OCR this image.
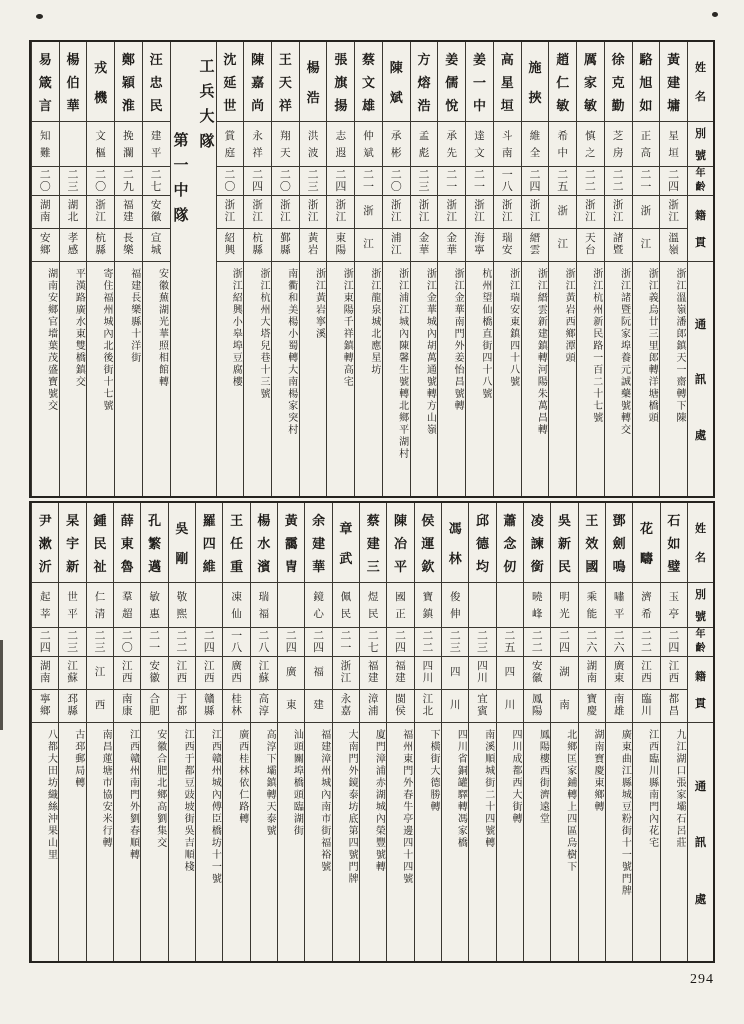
姓
名
別
號
年
齡
籍
貫
通
訊
處
黃
建
墉
星
垣
二
四
浙
江
溫
嶺
浙江溫嶺潘郎鎮天一齋轉下陳
駱
旭
如
正
高
二
一
浙
江
浙江義烏廿三里郎轉洋塘橋頭
徐
克
勤
芝
房
二
二
浙
江
諸
暨
浙江諸暨阮家埠養元誠藥號轉交
厲
家
敏
慎
之
二
二
浙
江
天
台
浙江杭州新民路一百二十七號
趙
仁
敏
希
中
二
五
浙
江
浙江黃岩西鄉潭頭
施
挾
維
全
二
四
浙
江
縉
雲
浙江縉雲新建鎮轉河陽朱萬昌轉
高
星
垣
斗
南
一
八
浙
江
瑞
安
浙江瑞安東鎮四十八號
姜
一
中
達
文
二
一
浙
江
海
寧
杭州望仙橋直街四十八號
姜
儒
悅
承
先
二
一
浙
江
金
華
浙江金華南門外姜怡昌號轉
方
熔
浩
孟
彪
二
三
浙
江
金
華
浙江金華城內胡萬通號轉方山嶺
陳
斌
承
彬
二
〇
浙
江
浦
江
浙江浦江城內陳馨生號轉北鄉平湖村
蔡
文
雄
仲
斌
二
一
浙
江
浙江龍泉城北應星坊
張
旗
揚
志
遐
二
四
浙
江
東
陽
浙江東陽千祥鎮轉高宅
楊
浩
洪
波
二
三
浙
江
黃
岩
浙江黃岩寧溪
王
天
祥
翔
天
二
〇
浙
江
鄞
縣
南衢和美楊小蜀轉大南楊家突村
陳
嘉
尚
永
祥
二
四
浙
江
杭
縣
浙江杭州大塔兒巷十三號
沈
延
世
賞
庭
二
〇
浙
江
紹
興
浙江紹興小皋埠豆腐樓
第一中隊
工兵大隊
汪
忠
民
建
平
二
七
安
徽
宣
城
安徽蕪湖光華照相館轉
鄭
穎
淮
挽
瀾
二
九
福
建
長
樂
福建長樂縣十洋街
戎
機
文
樞
二
〇
浙
江
杭
縣
寄住福州城內北後街十七號
楊
伯
華
二
三
湖
北
孝
感
平漢路廣水東雙橋鎮交
易
箴
言
知
難
二
〇
湖
南
安
鄉
湖南安鄉官壋葉茂盛寶號交
姓
名
別
號
年
齡
籍
貫
通
訊
處
石
如
璧
玉
亭
二
四
江
西
都
昌
九江湖口張家壩石呂莊
花
疇
濟
希
二
二
江
西
臨
川
江西臨川縣南門內花宅
鄧
劍
鳴
嘯
平
二
六
廣
東
南
雄
廣東曲江縣城豆粉街十一號門牌
王
效
國
乘
能
二
六
湖
南
寶
慶
湖南寶慶東鄉轉
吳
新
民
明
光
二
四
湖
南
北鄉匡家鋪轉上四區烏樹下
凌
諫
銜
曉
峰
二
二
安
徽
鳳
陽
鳳陽樓西街濟遠堂
蕭
念
仞
二
五
四
川
四川成都西大街轉
邱
德
均
二
三
四
川
宜
賓
南溪順城街二十四號轉
馮
林
俊
伸
二
三
四
川
四川省銅罐驛轉馮家橋
侯
運
欽
寶
鎮
二
二
四
川
江
北
下橫街大德勝轉
陳
冶
平
國
正
二
四
福
建
閩
侯
福州東門外春牛亭邊四十四號
蔡
建
三
煜
民
二
七
福
建
漳
浦
廈門漳浦赤湖城內榮豐號轉
章
武
佩
民
二
一
浙
江
永
嘉
大南門外鏡泰坊底第四號門牌
余
建
華
鏡
心
二
四
福
建
福建漳州城內南市街福裕號
黃
靄
冑
二
四
廣
東
汕頭關埠橋頭臨湖街
楊
水
濱
瑞
福
二
八
江
蘇
高
淳
高淳下壩鎮轉天泰號
王
任
重
凍
仙
一
八
廣
西
桂
林
廣西桂林依仁路轉
羅
四
維
二
四
江
西
贛
縣
江西贛州城內傅臣橋坊十一號
吳
剛
敬
熙
二
二
江
西
于
都
江西于都豆豉坡街吳吉順棧
孔
繁
邁
敏
惠
二
一
安
徽
合
肥
安徽合肥北鄉高劉集交
薛
東
魯
羣
超
二
〇
江
西
南
康
江西贛州南門外劉春順轉
鍾
民
祉
仁
清
二
三
江
西
南昌蓮塘市協安米行轉
杲
宇
新
世
平
二
三
江
蘇
邳
縣
古邳郵局轉
尹
漱
沂
起
莘
二
四
湖
南
寧
鄉
八都大田坊織絲沖果山里
294
